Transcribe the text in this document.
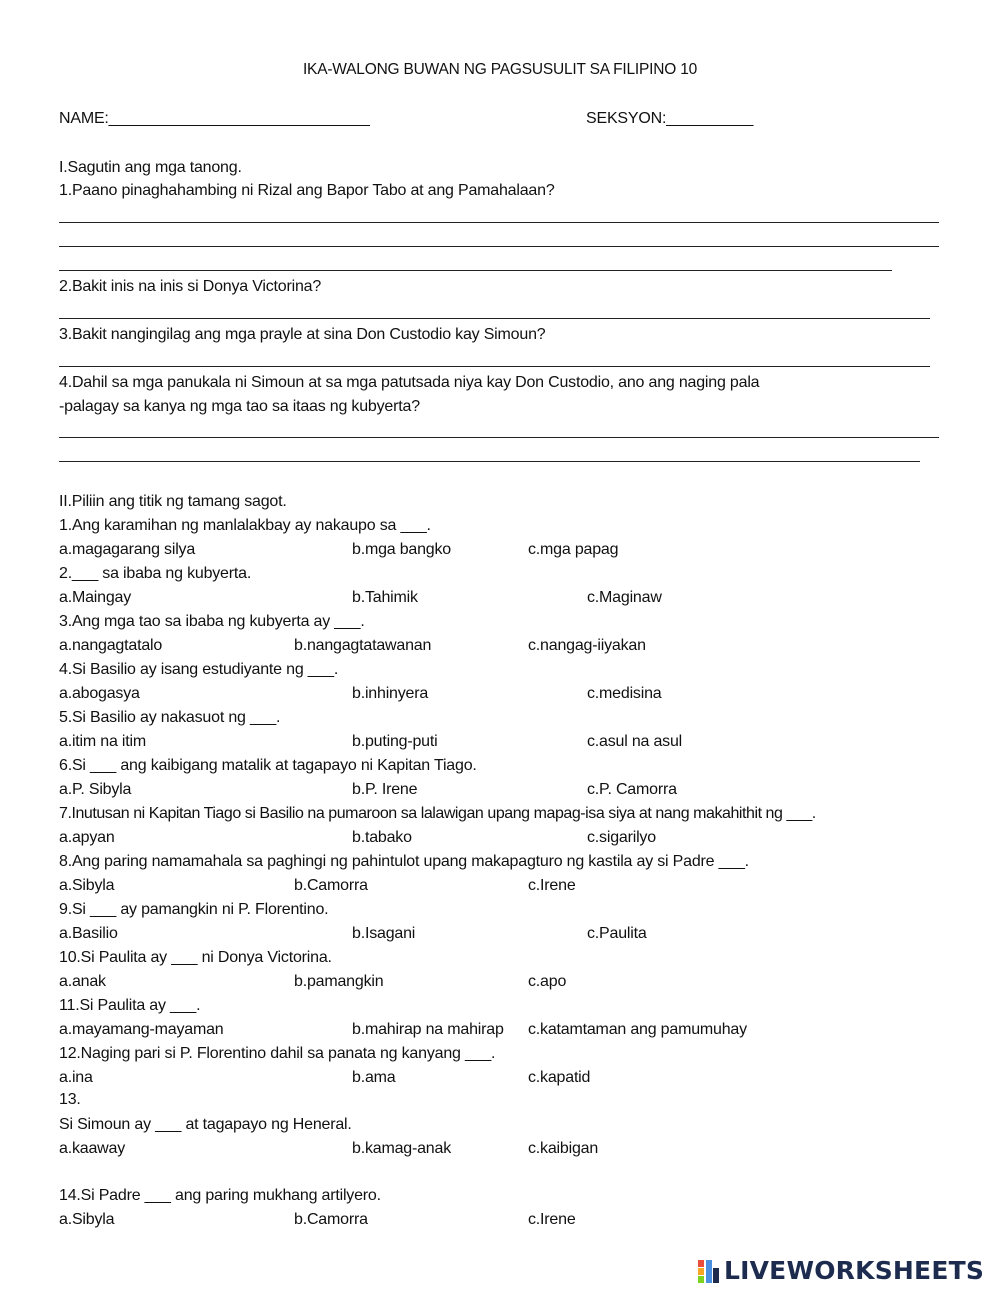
IKA-WALONG BUWAN NG PAGSUSULIT SA FILIPINO 10
NAME:______________________________	SEKSYON:__________
I.Sagutin ang mga tanong.
1.Paano pinaghahambing ni Rizal ang Bapor Tabo at ang Pamahalaan?
2.Bakit inis na inis si Donya Victorina?
3.Bakit nangingilag ang mga prayle at sina Don Custodio kay Simoun?
4.Dahil sa mga panukala ni Simoun at sa mga patutsada niya kay Don Custodio, ano ang naging pala
-palagay sa kanya ng mga tao sa itaas ng kubyerta?
II.Piliin ang titik ng tamang sagot.
1.Ang karamihan ng manlalakbay ay nakaupo sa ___.
a.magagarang silya	b.mga bangko	c.mga papag
2.___ sa ibaba ng kubyerta.
a.Maingay	b.Tahimik	c.Maginaw
3.Ang mga tao sa ibaba ng kubyerta ay ___.
a.nangagtatalo	b.nangagtatawanan	c.nangag-iiyakan
4.Si Basilio ay isang estudiyante ng ___.
a.abogasya	b.inhinyera	c.medisina
5.Si Basilio ay nakasuot ng ___.
a.itim na itim	b.puting-puti	c.asul na asul
6.Si ___ ang kaibigang matalik at tagapayo ni Kapitan Tiago.
a.P. Sibyla	b.P. Irene	c.P. Camorra
7.Inutusan ni Kapitan Tiago si Basilio na pumaroon sa lalawigan upang mapag-isa siya at nang makahithit ng ___.
a.apyan	b.tabako	c.sigarilyo
8.Ang paring namamahala sa paghingi ng pahintulot upang makapagturo ng kastila ay si Padre ___.
a.Sibyla	b.Camorra	c.Irene
9.Si ___ ay pamangkin ni P. Florentino.
a.Basilio	b.Isagani	c.Paulita
10.Si Paulita ay ___ ni Donya Victorina.
a.anak	b.pamangkin	c.apo
11.Si Paulita ay ___.
a.mayamang-mayaman	b.mahirap na mahirap c.katamtaman ang pamumuhay
12.Naging pari si P. Florentino dahil sa panata ng kanyang ___.
a.ina	b.ama	c.kapatid
13.
Si Simoun ay ___ at tagapayo ng Heneral.
a.kaaway	b.kamag-anak	c.kaibigan
14.Si Padre ___ ang paring mukhang artilyero.
a.Sibyla	b.Camorra	c.Irene
LIVEWORKSHEETS
